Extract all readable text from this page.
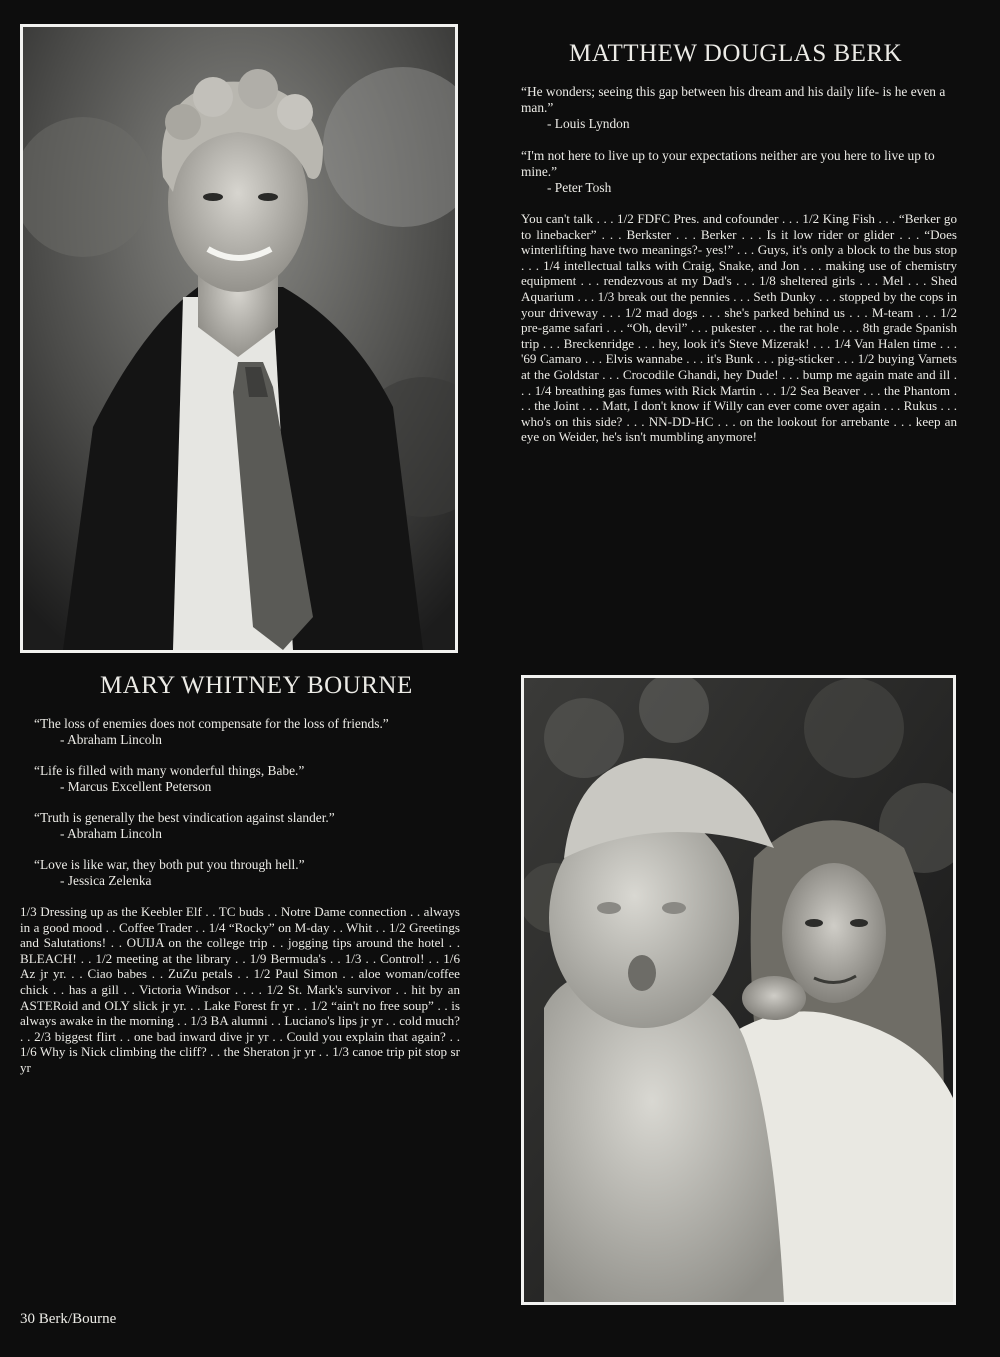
MATTHEW DOUGLAS BERK
“He wonders; seeing this gap between his dream and his daily life- is he even a man.”
- Louis Lyndon
“I'm not here to live up to your expectations neither are you here to live up to mine.”
- Peter Tosh

You can't talk . . . 1/2 FDFC Pres. and cofounder . . . 1/2 King Fish . . . “Berker go to linebacker” . . . Berkster . . . Berker . . . Is it low rider or glider . . . “Does winterlifting have two meanings?- yes!” . . . Guys, it's only a block to the bus stop . . . 1/4 intellectual talks with Craig, Snake, and Jon . . . making use of chemistry equipment . . . rendezvous at my Dad's . . . 1/8 sheltered girls . . . Mel . . . Shed Aquarium . . . 1/3 break out the pennies . . . Seth Dunky . . . stopped by the cops in your driveway . . . 1/2 mad dogs . . . she's parked behind us . . . M-team . . . 1/2 pre-game safari . . . “Oh, devil” . . . pukester . . . the rat hole . . . 8th grade Spanish trip . . . Breckenridge . . . hey, look it's Steve Mizerak! . . . 1/4 Van Halen time . . . '69 Camaro . . . Elvis wannabe . . . it's Bunk . . . pig-sticker . . . 1/2 buying Varnets at the Goldstar . . . Crocodile Ghandi, hey Dude! . . . bump me again mate and ill . . . 1/4 breathing gas fumes with Rick Martin . . . 1/2 Sea Beaver . . . the Phantom . . . the Joint . . . Matt, I don't know if Willy can ever come over again . . . Rukus . . . who's on this side? . . . NN-DD-HC . . . on the lookout for arrebante . . . keep an eye on Weider, he's isn't mumbling anymore!

MARY WHITNEY BOURNE
“The loss of enemies does not compensate for the loss of friends.”
- Abraham Lincoln
“Life is filled with many wonderful things, Babe.”
- Marcus Excellent Peterson
“Truth is generally the best vindication against slander.”
- Abraham Lincoln
“Love is like war, they both put you through hell.”
- Jessica Zelenka

1/3 Dressing up as the Keebler Elf . . TC buds . . Notre Dame connection . . always in a good mood . . Coffee Trader . . 1/4 “Rocky” on M-day . . Whit . . 1/2 Greetings and Salutations! . . OUIJA on the college trip . . jogging tips around the hotel . . BLEACH! . . 1/2 meeting at the library . . 1/9 Bermuda's . . 1/3 . . Control! . . 1/6 Az jr yr. . . Ciao babes . . ZuZu petals . . 1/2 Paul Simon . . aloe woman/coffee chick . . has a gill . . Victoria Windsor . . . . 1/2 St. Mark's survivor . . hit by an ASTERoid and OLY slick jr yr. . . Lake Forest fr yr . . 1/2 “ain't no free soup” . . is always awake in the morning . . 1/3 BA alumni . . Luciano's lips jr yr . . cold much? . . 2/3 biggest flirt . . one bad inward dive jr yr . . Could you explain that again? . . 1/6 Why is Nick climbing the cliff? . . the Sheraton jr yr . . 1/3 canoe trip pit stop sr yr

30 Berk/Bourne
